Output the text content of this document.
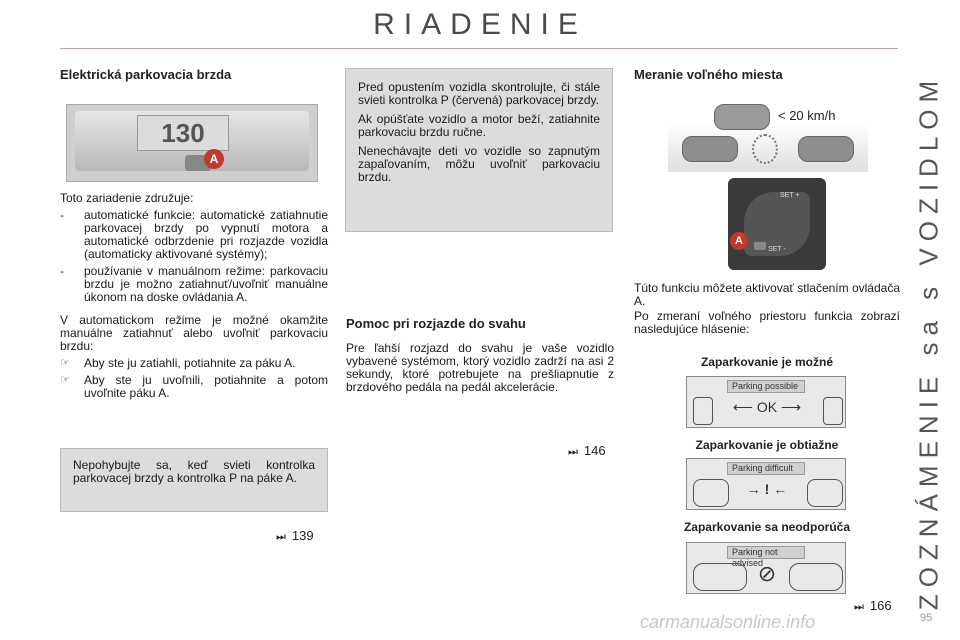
RIADENIE
ZOZNÁMENIE sa s VOZIDLOM
Elektrická parkovacia brzda
130
A

Toto zariadenie združuje:

- automatické funkcie: automatické zatiahnutie parkovacej brzdy po vypnutí motora a automatické odbrzdenie pri rozjazde vozidla (automaticky aktivované systémy);
- používanie v manuálnom režime: parkovaciu brzdu je možno zatiahnuť/uvoľniť manuálne úkonom na doske ovládania A.

V automatickom režime je možné okamžite manuálne zatiahnuť alebo uvoľniť parkovaciu brzdu:

☞ Aby ste ju zatiahli, potiahnite za páku A.
☞ Aby ste ju uvoľnili, potiahnite a potom uvoľnite páku A.

Nepohybujte sa, keď svieti kontrolka parkovacej brzdy a kontrolka P na páke A.

⏭ 139

Pred opustením vozidla skontrolujte, či stále svieti kontrolka P (červená) parkovacej brzdy.

Ak opúšťate vozidlo a motor beží, zatiahnite parkovaciu brzdu ručne.

Nenechávajte deti vo vozidle so zapnutým zapaľovaním, môžu uvoľniť parkovaciu brzdu.

Pomoc pri rozjazde do svahu

Pre ľahší rozjazd do svahu je vaše vozidlo vybavené systémom, ktorý vozidlo zadrží na asi 2 sekundy, ktoré potrebujete na prešliapnutie z brzdového pedála na pedál akcelerácie.

⏭ 146
Meranie voľného miesta
< 20 km/h
SET +
SET -
A

Túto funkciu môžete aktivovať stlačením ovládača A.

Po zmeraní voľného priestoru funkcia zobrazí nasledujúce hlásenie:

Zaparkovanie je možné
Parking possible
⟵ OK ⟶
Zaparkovanie je obtiažne
Parking difficult
→ ! ←
Zaparkovanie sa neodporúča
Parking not advised
⊘
⏭ 166
carmanualsonline.info	95
